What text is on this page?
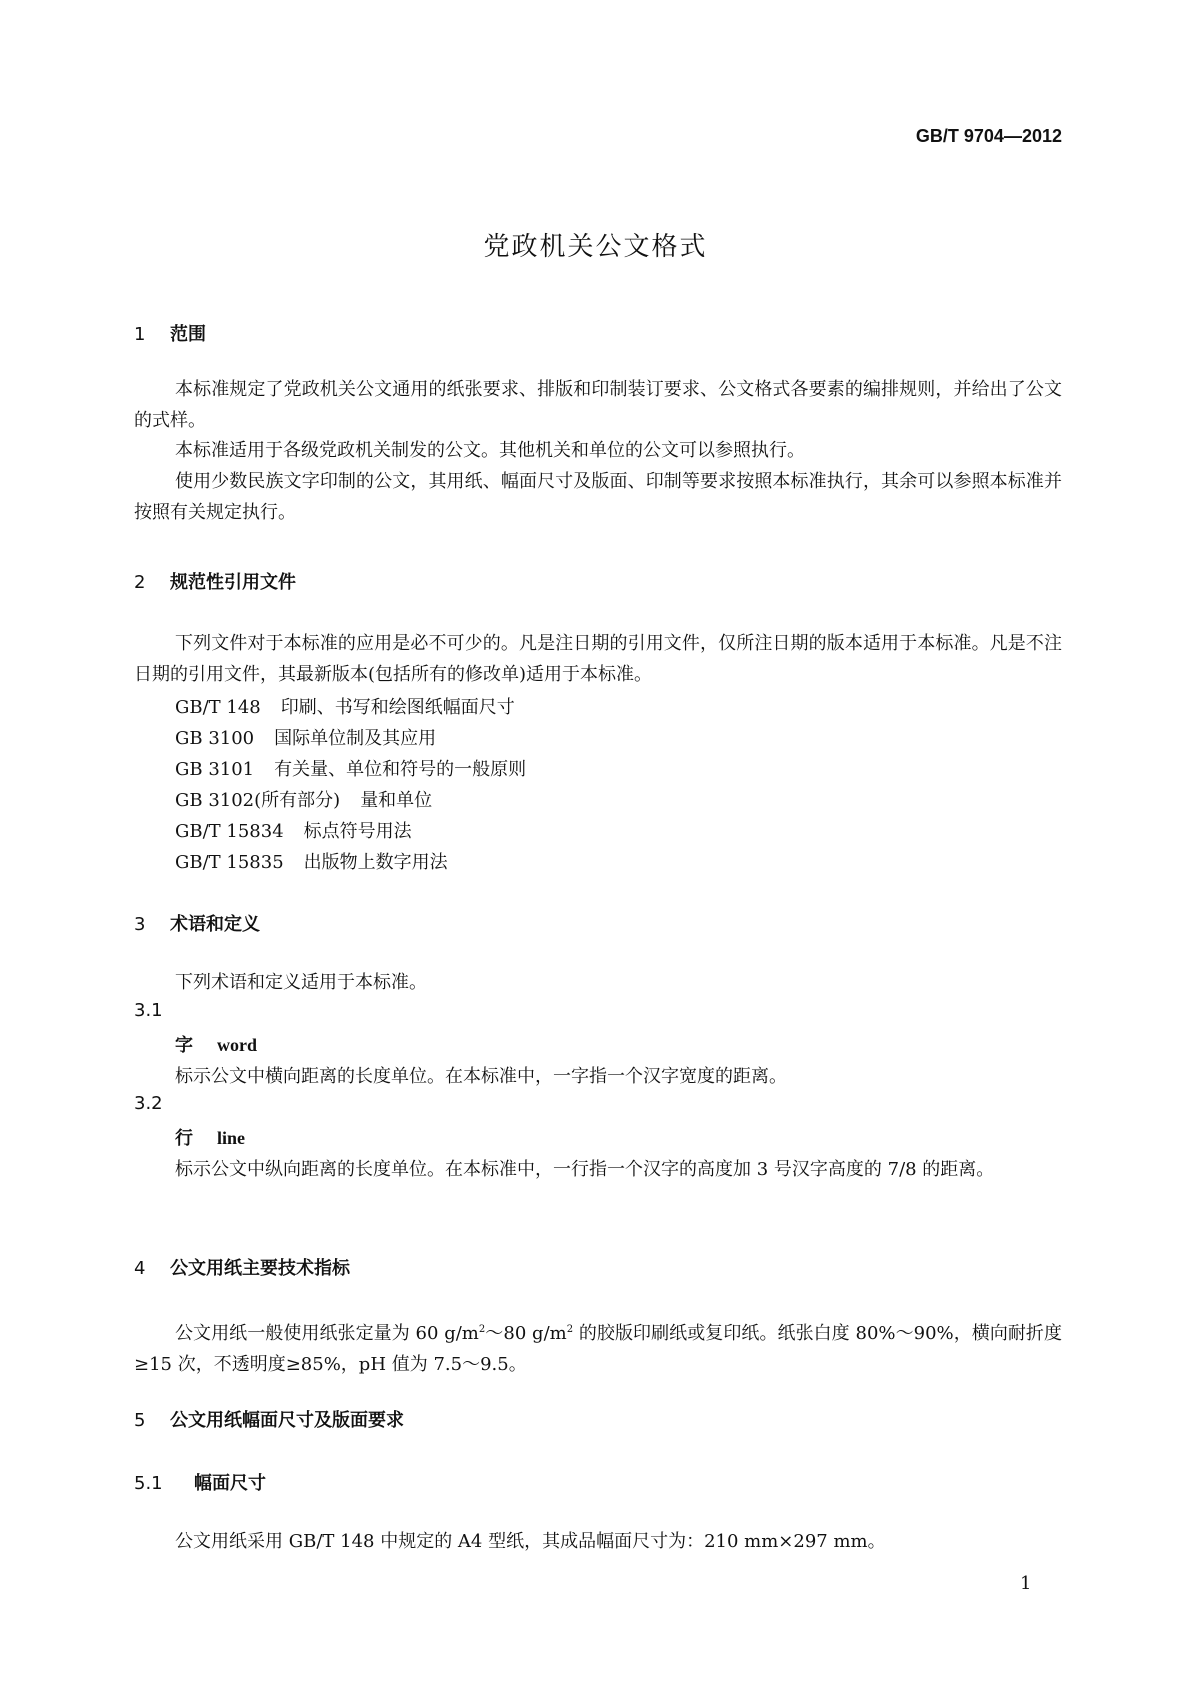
GB/T 9704—2012
党政机关公文格式
1 范围
本标准规定了党政机关公文通用的纸张要求、排版和印制装订要求、公文格式各要素的编排规则，并给出了公文的式样。
本标准适用于各级党政机关制发的公文。其他机关和单位的公文可以参照执行。
使用少数民族文字印制的公文，其用纸、幅面尺寸及版面、印制等要求按照本标准执行，其余可以参照本标准并按照有关规定执行。
2 规范性引用文件
下列文件对于本标准的应用是必不可少的。凡是注日期的引用文件，仅所注日期的版本适用于本标准。凡是不注日期的引用文件，其最新版本(包括所有的修改单)适用于本标准。
GB/T 148 印刷、书写和绘图纸幅面尺寸
GB 3100 国际单位制及其应用
GB 3101 有关量、单位和符号的一般原则
GB 3102(所有部分) 量和单位
GB/T 15834 标点符号用法
GB/T 15835 出版物上数字用法
3 术语和定义
下列术语和定义适用于本标准。
3.1
字 word
标示公文中横向距离的长度单位。在本标准中，一字指一个汉字宽度的距离。
3.2
行 line
标示公文中纵向距离的长度单位。在本标准中，一行指一个汉字的高度加 3 号汉字高度的 7/8 的距离。
4 公文用纸主要技术指标
公文用纸一般使用纸张定量为 60 $g/m^2\sim 80$ $g/m^2$ 的胶版印刷纸或复印纸。纸张白度 80%～90%，横向耐折度≥15 次，不透明度≥85%，pH 值为 7.5～9.5。
5 公文用纸幅面尺寸及版面要求
5.1 幅面尺寸
公文用纸采用 GB/T 148 中规定的 A4 型纸，其成品幅面尺寸为：210 mm×297 mm。
1
